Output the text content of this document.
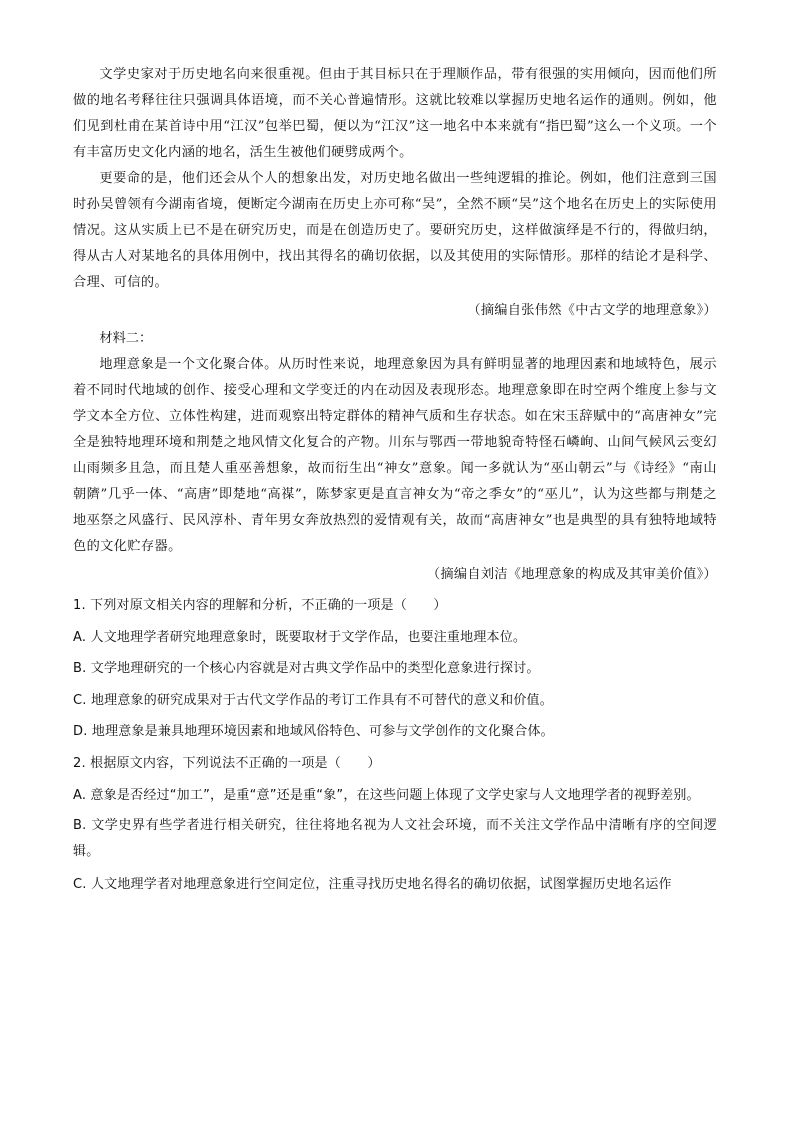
文学史家对于历史地名向来很重视。但由于其目标只在于理顺作品，带有很强的实用倾向，因而他们所做的地名考释往往只强调具体语境，而不关心普遍情形。这就比较难以掌握历史地名运作的通则。例如，他们见到杜甫在某首诗中用“江汉”包举巴蜀，便以为“江汉”这一地名中本来就有“指巴蜀”这么一个义项。一个有丰富历史文化内涵的地名，活生生被他们硬劈成两个。

更要命的是，他们还会从个人的想象出发，对历史地名做出一些纯逻辑的推论。例如，他们注意到三国时孙吴曾领有今湖南省境，便断定今湖南在历史上亦可称“吴”，全然不顾“吴”这个地名在历史上的实际使用情况。这从实质上已不是在研究历史，而是在创造历史了。要研究历史，这样做演绎是不行的，得做归纳，得从古人对某地名的具体用例中，找出其得名的确切依据，以及其使用的实际情形。那样的结论才是科学、合理、可信的。

（摘编自张伟然《中古文学的地理意象》）

材料二：

地理意象是一个文化聚合体。从历时性来说，地理意象因为具有鲜明显著的地理因素和地域特色，展示着不同时代地域的创作、接受心理和文学变迁的内在动因及表现形态。地理意象即在时空两个维度上参与文学文本全方位、立体性构建，进而观察出特定群体的精神气质和生存状态。如在宋玉辞赋中的“高唐神女”完全是独特地理环境和荆楚之地风情文化复合的产物。川东与鄂西一带地貌奇特怪石嶙峋、山间气候风云变幻山雨频多且急，而且楚人重巫善想象，故而衍生出“神女”意象。闻一多就认为“巫山朝云”与《诗经》“南山朝隮”几乎一体、“高唐”即楚地“高禖”，陈梦家更是直言神女为“帝之季女”的“巫儿”，认为这些都与荆楚之地巫祭之风盛行、民风淳朴、青年男女奔放热烈的爱情观有关，故而“高唐神女”也是典型的具有独特地域特色的文化贮存器。

（摘编自刘洁《地理意象的构成及其审美价值》）

1. 下列对原文相关内容的理解和分析，不正确的一项是（　　）

A. 人文地理学者研究地理意象时，既要取材于文学作品，也要注重地理本位。

B. 文学地理研究的一个核心内容就是对古典文学作品中的类型化意象进行探讨。

C. 地理意象的研究成果对于古代文学作品的考订工作具有不可替代的意义和价值。

D. 地理意象是兼具地理环境因素和地域风俗特色、可参与文学创作的文化聚合体。

2. 根据原文内容，下列说法不正确的一项是（　　）

A. 意象是否经过“加工”，是重“意”还是重“象”，在这些问题上体现了文学史家与人文地理学者的视野差别。

B. 文学史界有些学者进行相关研究，往往将地名视为人文社会环境，而不关注文学作品中清晰有序的空间逻辑。

C. 人文地理学者对地理意象进行空间定位，注重寻找历史地名得名的确切依据，试图掌握历史地名运作
